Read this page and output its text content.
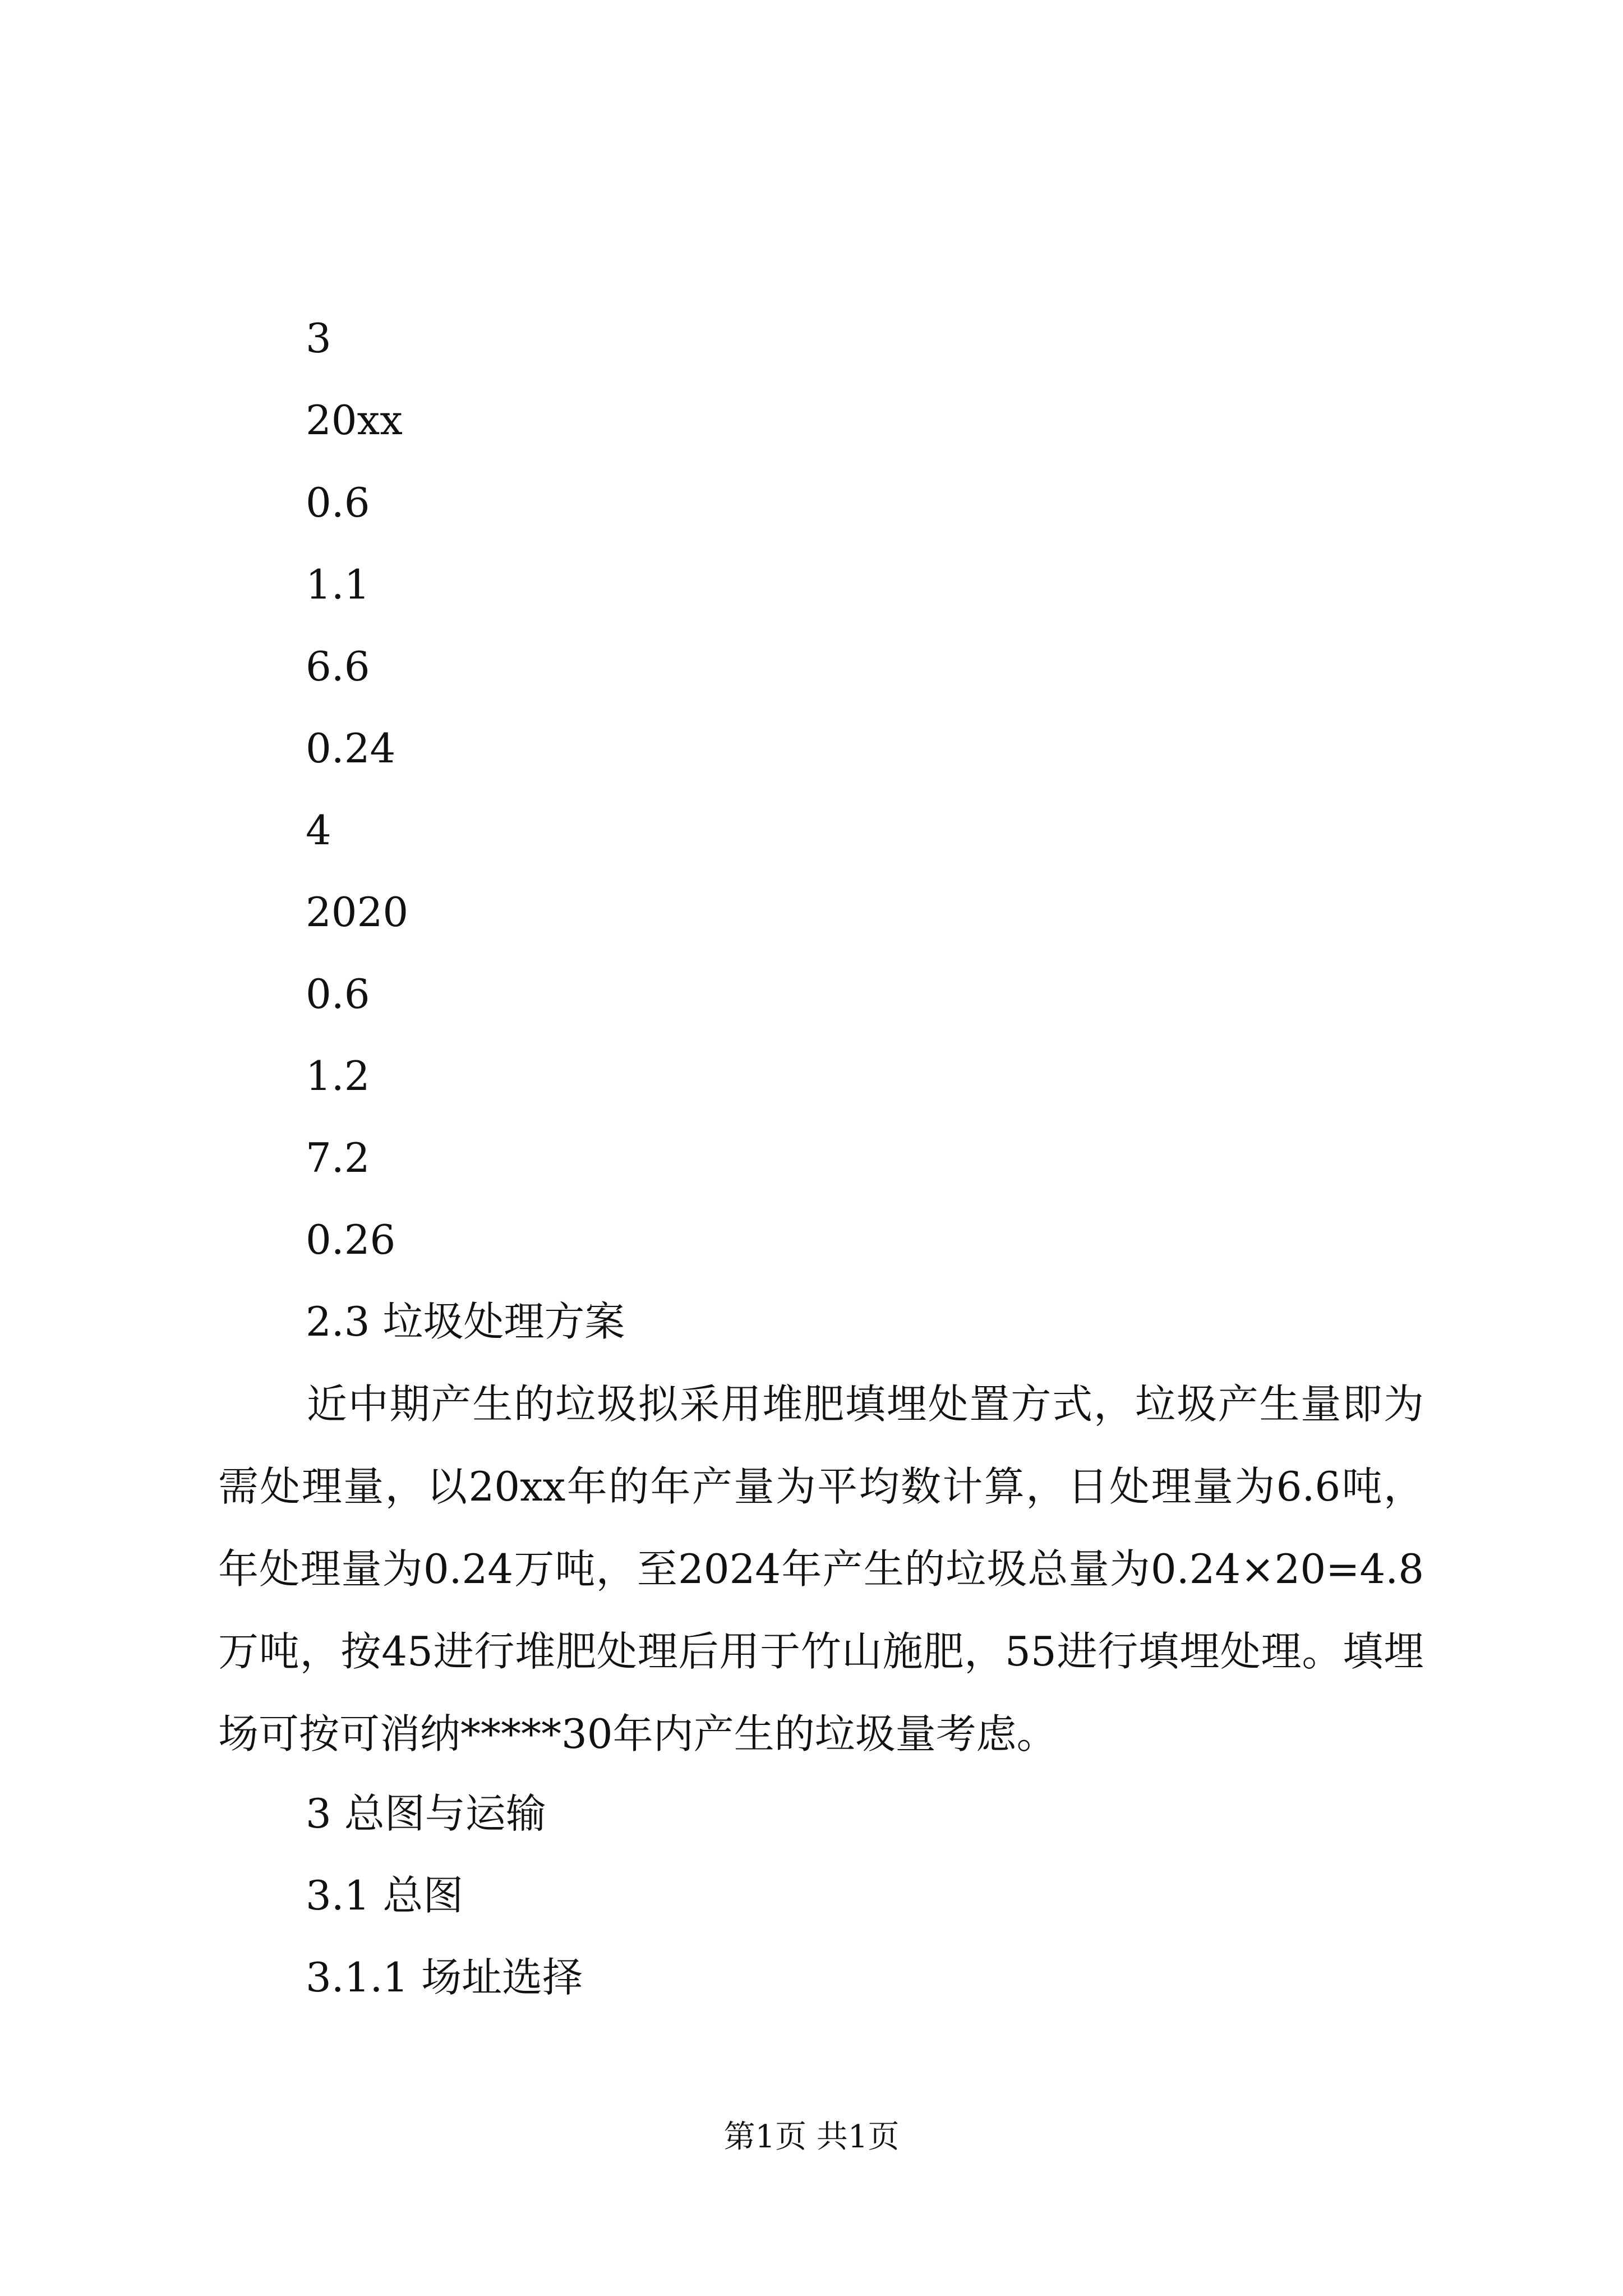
3
20xx
0.6
1.1
6.6
0.24
4
2020
0.6
1.2
7.2
0.26
2.3 垃圾处理方案
近中期产生的垃圾拟采用堆肥填埋处置方式，垃圾产生量即为需处理量，以20xx年的年产量为平均数计算，日处理量为6.6吨，年处理量为0.24万吨，至2024年产生的垃圾总量为0.24×20=4.8万吨，按45进行堆肥处理后用于竹山施肥，55进行填埋处理。填埋场可按可消纳*****30年内产生的垃圾量考虑。
3 总图与运输
3.1 总图
3.1.1 场址选择
第1页 共1页
